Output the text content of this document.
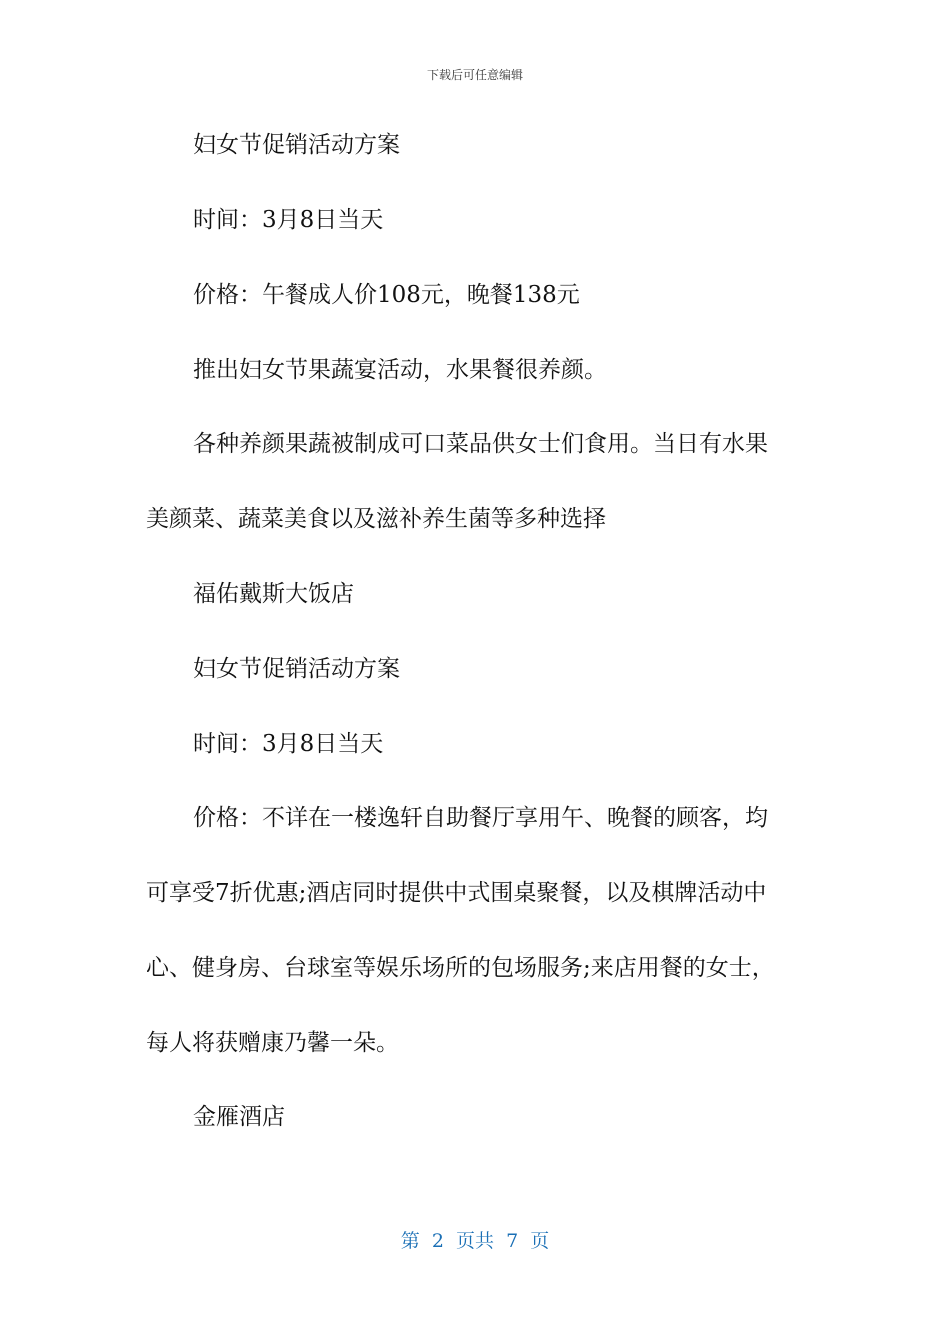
下载后可任意编辑
妇女节促销活动方案
时间：3月8日当天
价格：午餐成人价108元，晚餐138元
推出妇女节果蔬宴活动，水果餐很养颜。
各种养颜果蔬被制成可口菜品供女士们食用。当日有水果
美颜菜、蔬菜美食以及滋补养生菌等多种选择
福佑戴斯大饭店
妇女节促销活动方案
时间：3月8日当天
价格：不详在一楼逸轩自助餐厅享用午、晚餐的顾客，均
可享受7折优惠;酒店同时提供中式围桌聚餐，以及棋牌活动中
心、健身房、台球室等娱乐场所的包场服务;来店用餐的女士，
每人将获赠康乃馨一朵。
金雁酒店
第  2  页共  7  页
